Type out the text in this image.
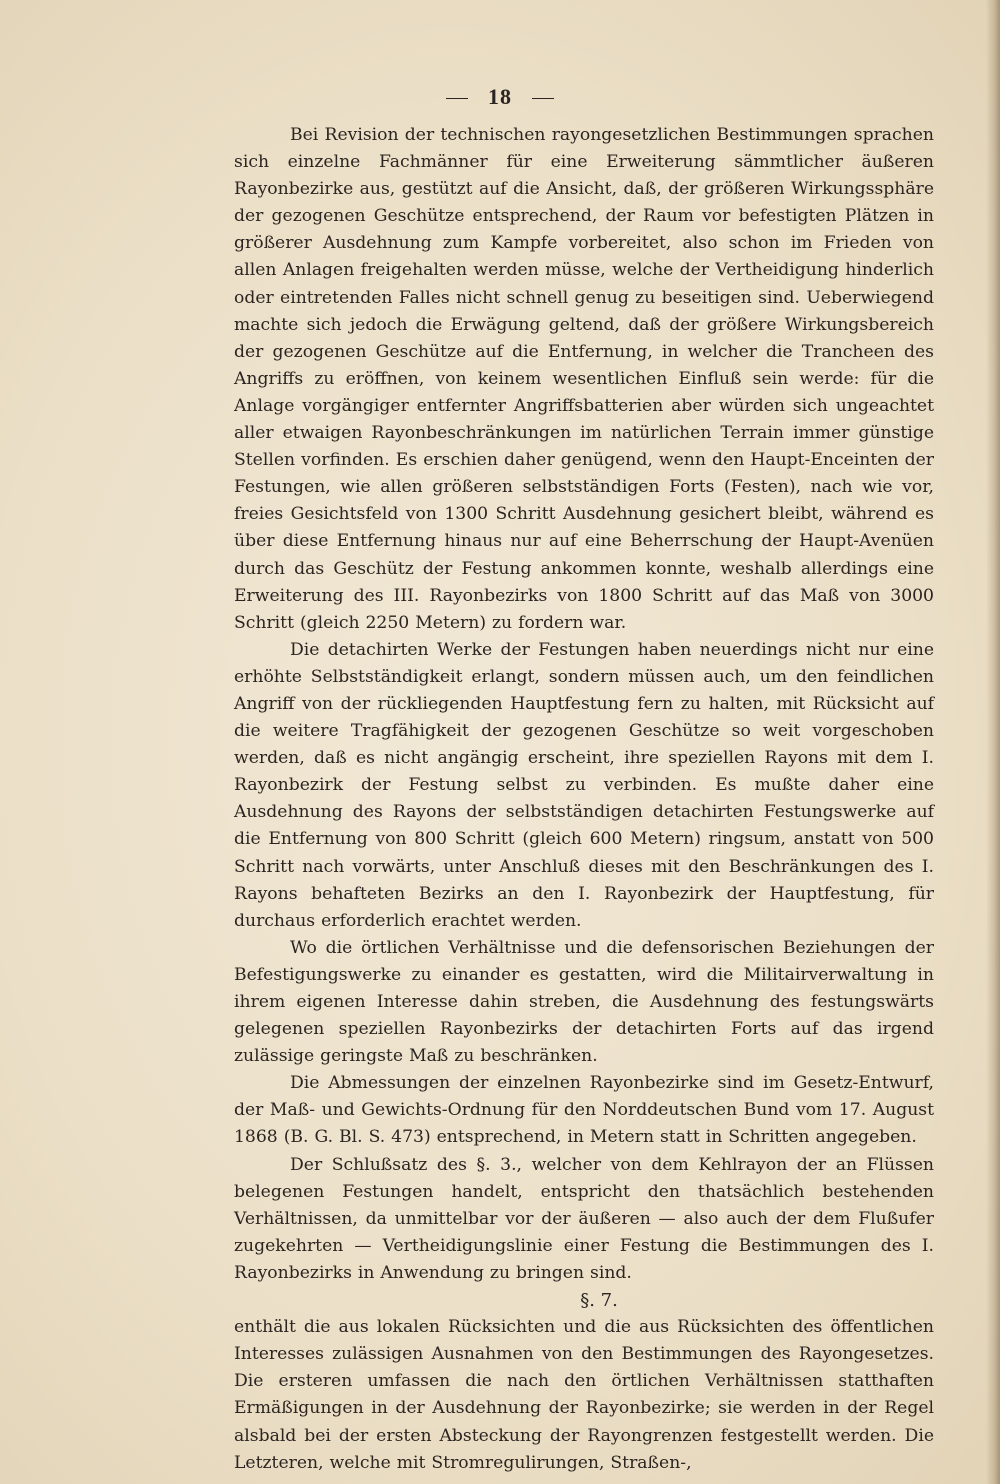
18

Bei Revision der technischen rayongesetzlichen Bestimmungen sprachen sich einzelne Fachmänner für eine Erweiterung sämmtlicher äußeren Rayonbezirke aus, gestützt auf die Ansicht, daß, der größeren Wirkungssphäre der gezogenen Geschütze entsprechend, der Raum vor befestigten Plätzen in größerer Ausdehnung zum Kampfe vorbereitet, also schon im Frieden von allen Anlagen freigehalten werden müsse, welche der Vertheidigung hinderlich oder eintretenden Falles nicht schnell genug zu beseitigen sind. Ueberwiegend machte sich jedoch die Erwägung geltend, daß der größere Wirkungsbereich der gezogenen Geschütze auf die Entfernung, in welcher die Trancheen des Angriffs zu eröffnen, von keinem wesentlichen Einfluß sein werde: für die Anlage vorgängiger entfernter Angriffsbatterien aber würden sich ungeachtet aller etwaigen Rayonbeschränkungen im natürlichen Terrain immer günstige Stellen vorfinden. Es erschien daher genügend, wenn den Haupt-Enceinten der Festungen, wie allen größeren selbstständigen Forts (Festen), nach wie vor, freies Gesichtsfeld von 1300 Schritt Ausdehnung gesichert bleibt, während es über diese Entfernung hinaus nur auf eine Beherrschung der Haupt-Avenüen durch das Geschütz der Festung ankommen konnte, weshalb allerdings eine Erweiterung des III. Rayonbezirks von 1800 Schritt auf das Maß von 3000 Schritt (gleich 2250 Metern) zu fordern war.

Die detachirten Werke der Festungen haben neuerdings nicht nur eine erhöhte Selbstständigkeit erlangt, sondern müssen auch, um den feindlichen Angriff von der rückliegenden Hauptfestung fern zu halten, mit Rücksicht auf die weitere Tragfähigkeit der gezogenen Geschütze so weit vorgeschoben werden, daß es nicht angängig erscheint, ihre speziellen Rayons mit dem I. Rayonbezirk der Festung selbst zu verbinden. Es mußte daher eine Ausdehnung des Rayons der selbstständigen detachirten Festungswerke auf die Entfernung von 800 Schritt (gleich 600 Metern) ringsum, anstatt von 500 Schritt nach vorwärts, unter Anschluß dieses mit den Beschränkungen des I. Rayons behafteten Bezirks an den I. Rayonbezirk der Hauptfestung, für durchaus erforderlich erachtet werden.

Wo die örtlichen Verhältnisse und die defensorischen Beziehungen der Befestigungswerke zu einander es gestatten, wird die Militairverwaltung in ihrem eigenen Interesse dahin streben, die Ausdehnung des festungswärts gelegenen speziellen Rayonbezirks der detachirten Forts auf das irgend zulässige geringste Maß zu beschränken.

Die Abmessungen der einzelnen Rayonbezirke sind im Gesetz-Entwurf, der Maß- und Gewichts-Ordnung für den Norddeutschen Bund vom 17. August 1868 (B. G. Bl. S. 473) entsprechend, in Metern statt in Schritten angegeben.

Der Schlußsatz des §. 3., welcher von dem Kehlrayon der an Flüssen belegenen Festungen handelt, entspricht den thatsächlich bestehenden Verhältnissen, da unmittelbar vor der äußeren — also auch der dem Flußufer zugekehrten — Vertheidigungslinie einer Festung die Bestimmungen des I. Rayonbezirks in Anwendung zu bringen sind.

§. 7.

enthält die aus lokalen Rücksichten und die aus Rücksichten des öffentlichen Interesses zulässigen Ausnahmen von den Bestimmungen des Rayongesetzes. Die ersteren umfassen die nach den örtlichen Verhältnissen statthaften Ermäßigungen in der Ausdehnung der Rayonbezirke; sie werden in der Regel alsbald bei der ersten Absteckung der Rayongrenzen festgestellt werden. Die Letzteren, welche mit Stromregulirungen, Straßen-,
